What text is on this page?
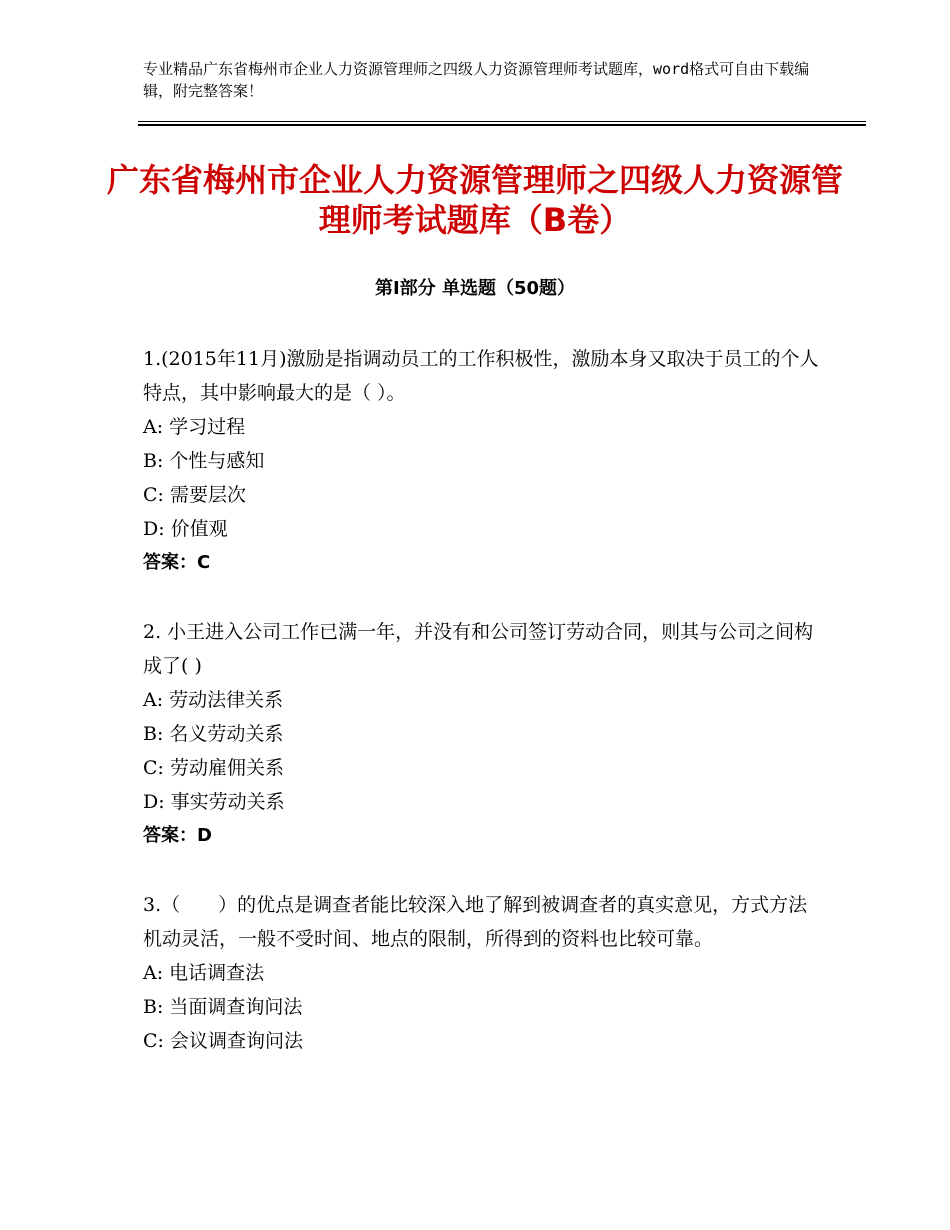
专业精品广东省梅州市企业人力资源管理师之四级人力资源管理师考试题库，word格式可自由下载编辑，附完整答案！
广东省梅州市企业人力资源管理师之四级人力资源管理师考试题库（B卷）
第Ⅰ部分 单选题（50题）
1.(2015年11月)激励是指调动员工的工作积极性，激励本身又取决于员工的个人特点，其中影响最大的是（ ）。
A: 学习过程
B: 个性与感知
C: 需要层次
D: 价值观
答案：C
2. 小王进入公司工作已满一年，并没有和公司签订劳动合同，则其与公司之间构成了( )
A: 劳动法律关系
B: 名义劳动关系
C: 劳动雇佣关系
D: 事实劳动关系
答案：D
3.（　　）的优点是调查者能比较深入地了解到被调查者的真实意见，方式方法机动灵活，一般不受时间、地点的限制，所得到的资料也比较可靠。
A: 电话调查法
B: 当面调查询问法
C: 会议调查询问法
